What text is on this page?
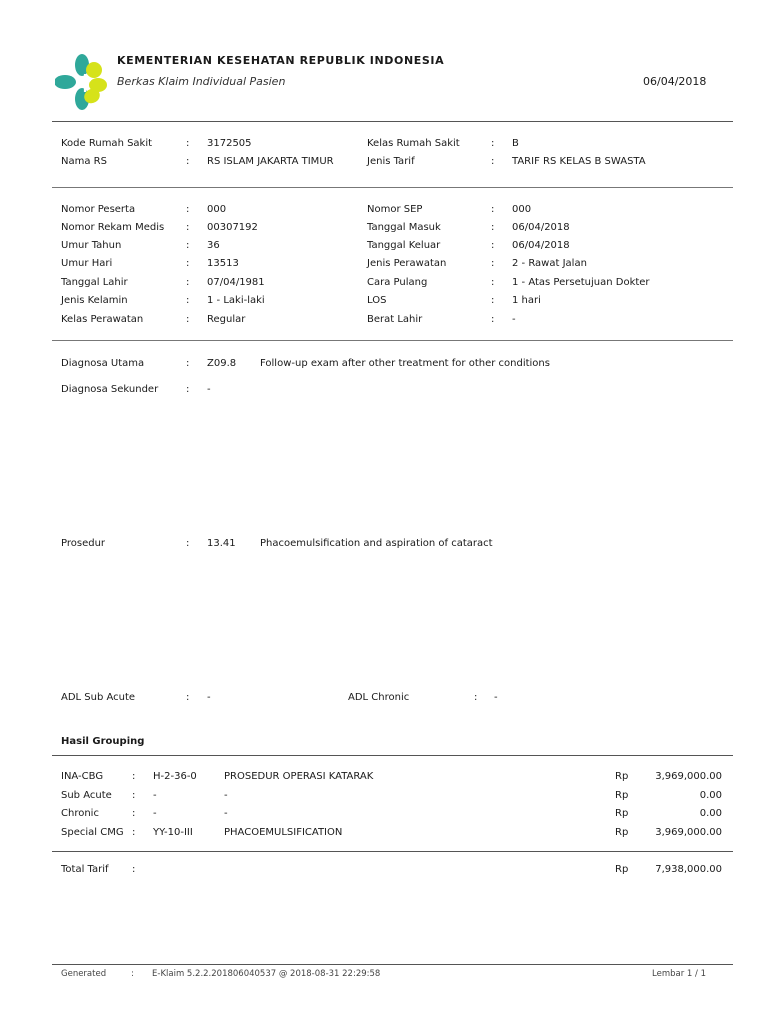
KEMENTERIAN KESEHATAN REPUBLIK INDONESIA
Berkas Klaim Individual Pasien	06/04/2018
Kode Rumah Sakit	: 3172505	Kelas Rumah Sakit	: B
Nama RS	: RS ISLAM JAKARTA TIMUR	Jenis Tarif	: TARIF RS KELAS B SWASTA
Nomor Peserta	: 000	Nomor SEP	: 000
Nomor Rekam Medis : 00307192	Tanggal Masuk	: 06/04/2018
Umur Tahun	: 36	Tanggal Keluar	: 06/04/2018
Umur Hari	: 13513	Jenis Perawatan	: 2 - Rawat Jalan
Tanggal Lahir	: 07/04/1981	Cara Pulang	: 1 - Atas Persetujuan Dokter
Jenis Kelamin	: 1 - Laki-laki	LOS	: 1 hari
Kelas Perawatan	: Regular	Berat Lahir	: -
Diagnosa Utama	: Z09.8 Follow-up exam after other treatment for other conditions
Diagnosa Sekunder	: -
Prosedur	: 13.41 Phacoemulsification and aspiration of cataract
ADL Sub Acute	: -	ADL Chronic	: -
Hasil Grouping
INA-CBG	: H-2-36-0	PROSEDUR OPERASI KATARAK	Rp	3,969,000.00
Sub Acute : -	-	Rp	0.00
Chronic	: -	-	Rp	0.00
Special CMG : YY-10-III	PHACOEMULSIFICATION	Rp	3,969,000.00
Total Tarif :	Rp	7,938,000.00
Generated	: E-Klaim 5.2.2.201806040537 @ 2018-08-31 22:29:58	Lembar 1 / 1
